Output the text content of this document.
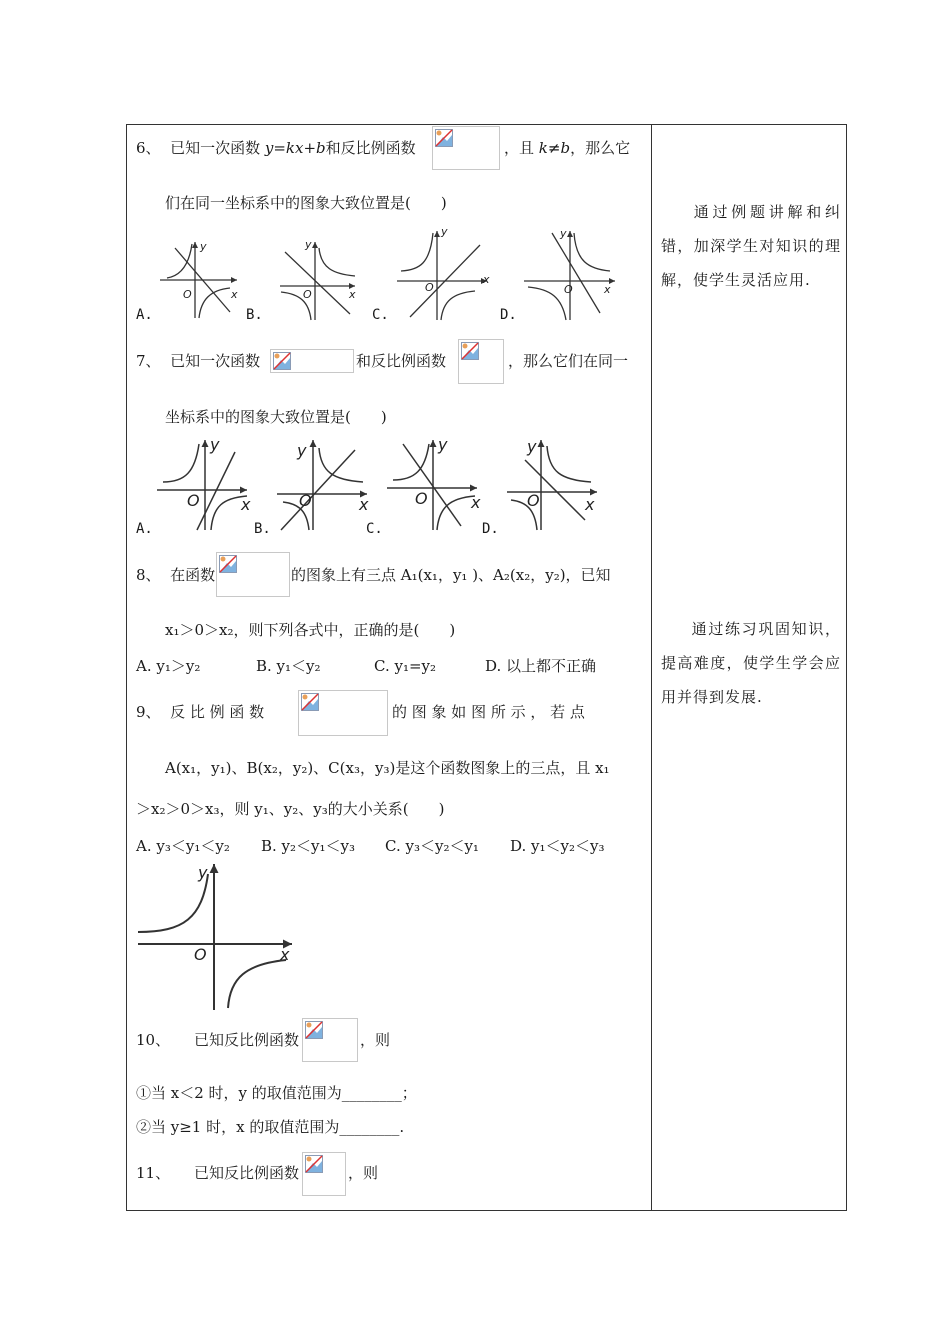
6、 已知一次函数 y=kx+b和反比例函数	，且 k≠b，那么它
们在同一坐标系中的图象大致位置是(　　)
y
x
O
y
x
O
y
x
O
y
x
O
A.	B.	C.	D.
7、 已知一次函数	和反比例函数	，那么它们在同一
坐标系中的图象大致位置是(　　)
y
x
O
y
x
O
y
x
O
y
x
O
A.	B.	C.	D.
8、 在函数	的图象上有三点 A₁(x₁，y₁ )、A₂(x₂，y₂)，已知
x₁＞0＞x₂，则下列各式中，正确的是(　　)
A. y₁＞y₂	B. y₁＜y₂	C. y₁=y₂	D. 以上都不正确
9、 反 比 例 函 数	的 图 象 如 图 所 示 ， 若 点
A(x₁，y₁)、B(x₂，y₂)、C(x₃，y₃)是这个函数图象上的三点，且 x₁
＞x₂＞0＞x₃，则 y₁、y₂、y₃的大小关系(　　)
A. y₃＜y₁＜y₂ B. y₂＜y₁＜y₃ C. y₃＜y₂＜y₁ D. y₁＜y₂＜y₃
y
x
O
10、 已知反比例函数	，则
①当 x＜2 时，y 的取值范围为________；
②当 y≥1 时，x 的取值范围为________.
11、 已知反比例函数	，则
通过例题讲解和纠错，加深学生对知识的理解，使学生灵活应用.
通过练习巩固知识，提高难度，使学生学会应用并得到发展.
